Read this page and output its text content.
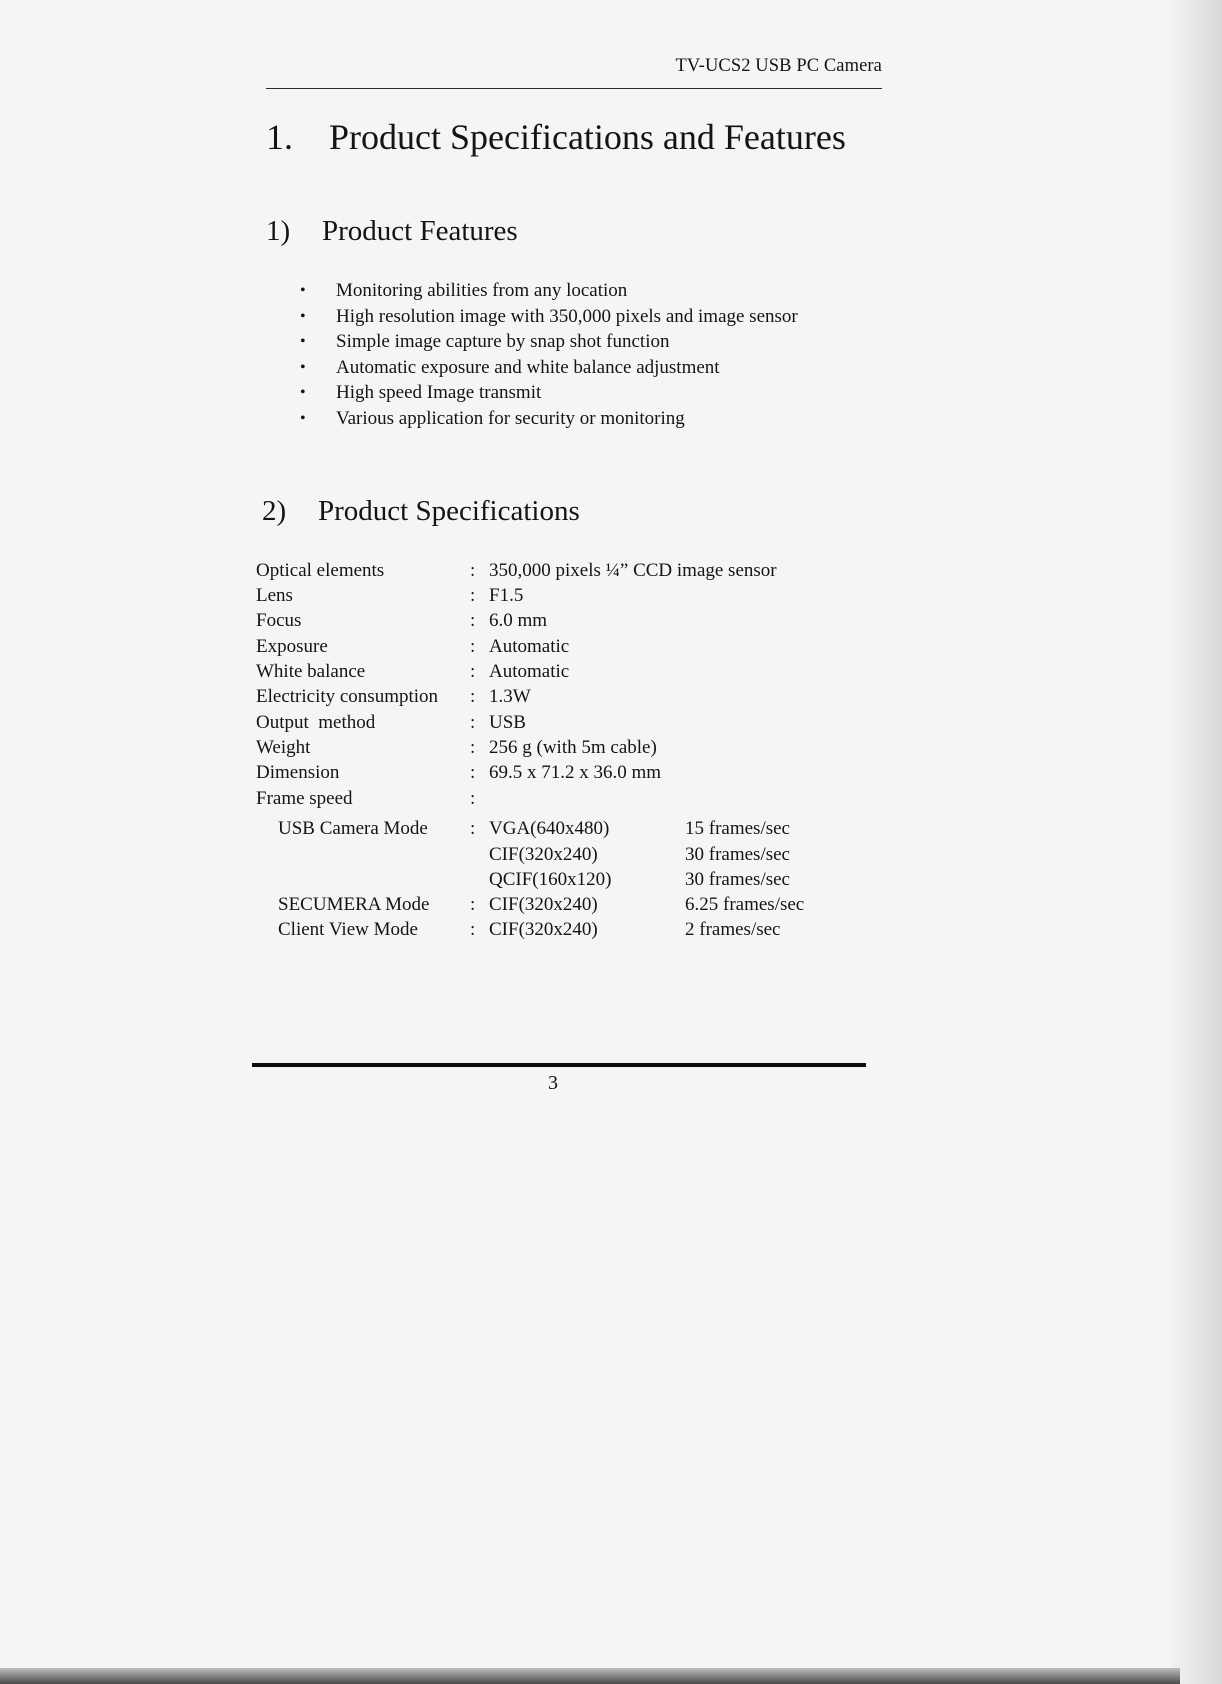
TV-UCS2 USB PC Camera
1. Product Specifications and Features
1) Product Features
• Monitoring abilities from any location
• High resolution image with 350,000 pixels and image sensor
• Simple image capture by snap shot function
• Automatic exposure and white balance adjustment
• High speed Image transmit
• Various application for security or monitoring
2) Product Specifications
Optical elements	: 350,000 pixels ¼” CCD image sensor
Lens	: F1.5
Focus	: 6.0 mm
Exposure	: Automatic
White balance	: Automatic
Electricity consumption : 1.3W
Output  method	: USB
Weight	: 256 g (with 5m cable)
Dimension	: 69.5 x 71.2 x 36.0 mm
Frame speed	:
USB Camera Mode : VGA(640x480)	15 frames/sec
CIF(320x240)	30 frames/sec
QCIF(160x120)	30 frames/sec
SECUMERA Mode : CIF(320x240)	6.25 frames/sec
Client View Mode	: CIF(320x240)	2 frames/sec
3
